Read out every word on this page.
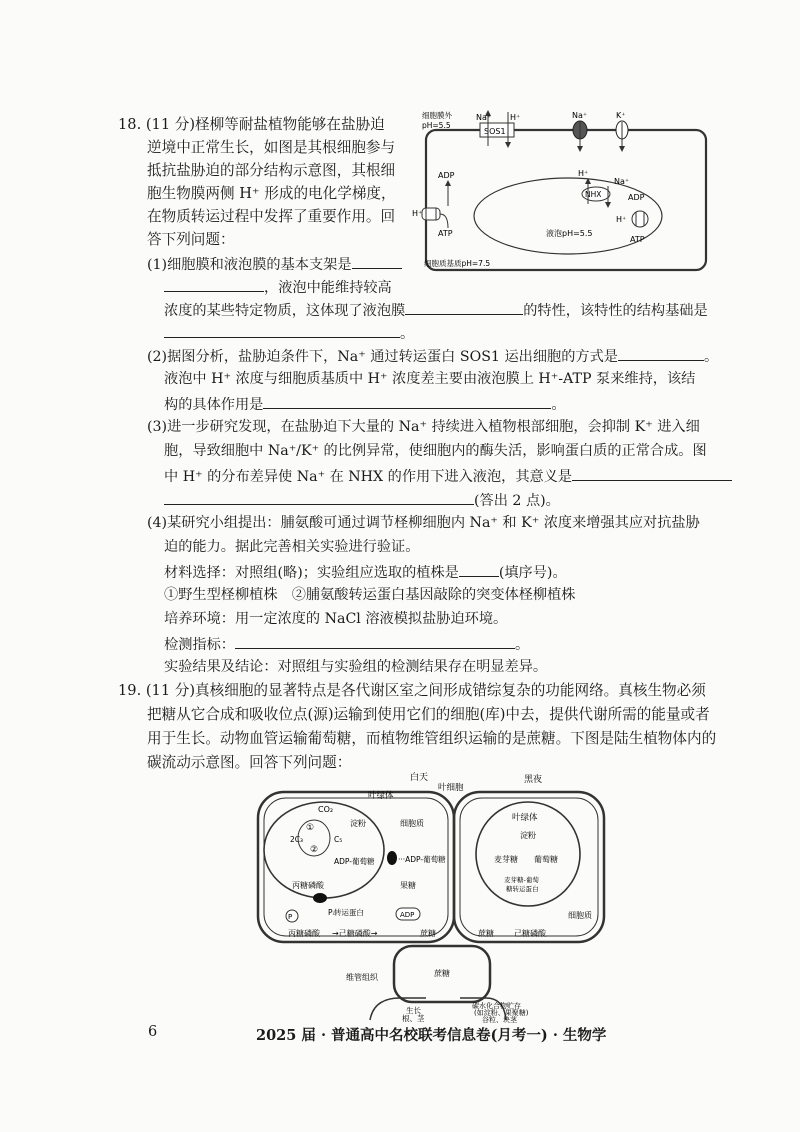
18. (11 分)柽柳等耐盐植物能够在盐胁迫
逆境中正常生长，如图是其根细胞参与
抵抗盐胁迫的部分结构示意图，其根细
胞生物膜两侧 H⁺ 形成的电化学梯度，
在物质转运过程中发挥了重要作用。回
答下列问题：
细胞膜外
pH=5.5
SOS1
Na⁺ H⁺	Na⁺	K⁺
ADP
ATP
H⁺
液泡pH=5.5
NHX
H⁺
Na⁺
ADP
ATP
H⁺
细胞质基质pH=7.5
(1)细胞膜和液泡膜的基本支架是
，液泡中能维持较高
浓度的某些特定物质，这体现了液泡膜	的特性，该特性的结构基础是
。
(2)据图分析，盐胁迫条件下，Na⁺ 通过转运蛋白 SOS1 运出细胞的方式是	。
液泡中 H⁺ 浓度与细胞质基质中 H⁺ 浓度差主要由液泡膜上 H⁺-ATP 泵来维持，该结
构的具体作用是	。
(3)进一步研究发现，在盐胁迫下大量的 Na⁺ 持续进入植物根部细胞，会抑制 K⁺ 进入细
胞，导致细胞中 Na⁺/K⁺ 的比例异常，使细胞内的酶失活，影响蛋白质的正常合成。图
中 H⁺ 的分布差异使 Na⁺ 在 NHX 的作用下进入液泡，其意义是
(答出 2 点)。
(4)某研究小组提出：脯氨酸可通过调节柽柳细胞内 Na⁺ 和 K⁺ 浓度来增强其应对抗盐胁
迫的能力。据此完善相关实验进行验证。
材料选择：对照组(略)；实验组应选取的植株是	(填序号)。
①野生型柽柳植株　②脯氨酸转运蛋白基因敲除的突变体柽柳植株
培养环境：用一定浓度的 NaCl 溶液模拟盐胁迫环境。
检测指标：	。
实验结果及结论：对照组与实验组的检测结果存在明显差异。
19. (11 分)真核细胞的显著特点是各代谢区室之间形成错综复杂的功能网络。真核生物必须
把糖从它合成和吸收位点(源)运输到使用它们的细胞(库)中去，提供代谢所需的能量或者
用于生长。动物血管运输葡萄糖，而植物维管组织运输的是蔗糖。下图是陆生植物体内的
碳流动示意图。回答下列问题：
白天	黑夜
叶细胞
叶绿体
CO₂
①
②
2C₃	C₅
淀粉
ADP-葡萄糖
丙糖磷酸
···ADP-葡萄糖
细胞质
果糖
P	Pᵢ转运蛋白	ADP
丙糖磷酸 →己糖磷酸→	蔗糖
叶绿体
淀粉
麦芽糖 葡萄糖
麦芽糖-葡萄
糖转运蛋白
细胞质
蔗糖	己糖磷酸
维管组织	蔗糖
生长
根、茎
碳水化合物贮存
(如淀粉、果聚糖)
谷粒、块茎
6	2025 届 · 普通高中名校联考信息卷(月考一) · 生物学
